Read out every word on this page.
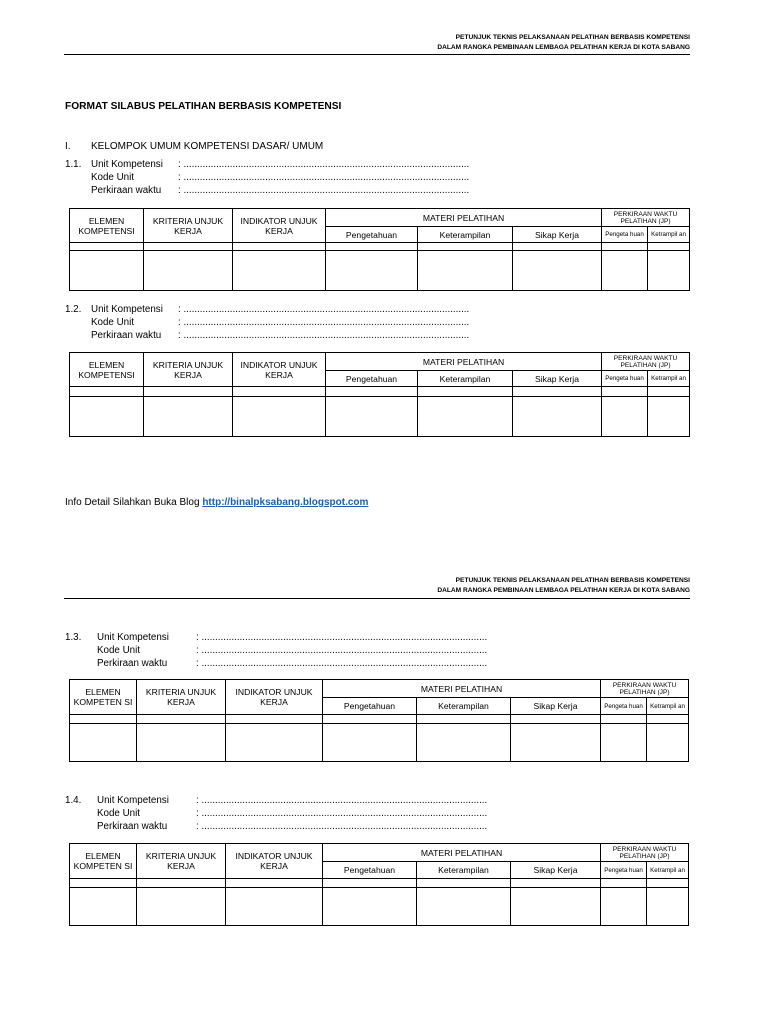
PETUNJUK TEKNIS PELAKSANAAN PELATIHAN BERBASIS KOMPETENSI
DALAM RANGKA PEMBINAAN LEMBAGA PELATIHAN KERJA DI KOTA SABANG
FORMAT SILABUS PELATIHAN BERBASIS KOMPETENSI
I. KELOMPOK UMUM KOMPETENSI DASAR/ UMUM
1.1. Unit Kompetensi : .........................................................................................................
Kode Unit	: .........................................................................................................
Perkiraan waktu : .........................................................................................................
ELEMEN KOMPETENSI	KRITERIA UNJUK KERJA	INDIKATOR UNJUK KERJA	MATERI PELATIHAN			PERKIRAAN WAKTU PELATIHAN (JP)	
			Pengetahuan	Keterampilan	Sikap Kerja	Pengeta huan	Ketrampil an

1.2. Unit Kompetensi : .........................................................................................................
Kode Unit	: .........................................................................................................
Perkiraan waktu : .........................................................................................................
ELEMEN KOMPETENSI	KRITERIA UNJUK KERJA	INDIKATOR UNJUK KERJA	MATERI PELATIHAN			PERKIRAAN WAKTU PELATIHAN (JP)	
			Pengetahuan	Keterampilan	Sikap Kerja	Pengeta huan	Ketrampil an

Info Detail Silahkan Buka Blog http://binalpksabang.blogspot.com
PETUNJUK TEKNIS PELAKSANAAN PELATIHAN BERBASIS KOMPETENSI
DALAM RANGKA PEMBINAAN LEMBAGA PELATIHAN KERJA DI KOTA SABANG
1.3. Unit Kompetensi	: .........................................................................................................
Kode Unit	: .........................................................................................................
Perkiraan waktu	: .........................................................................................................
ELEMEN KOMPETEN SI	KRITERIA UNJUK KERJA	INDIKATOR UNJUK KERJA	MATERI PELATIHAN			PERKIRAAN WAKTU PELATIHAN (JP)	
			Pengetahuan	Keterampilan	Sikap Kerja	Pengeta huan	Ketrampil an

1.4. Unit Kompetensi	: .........................................................................................................
Kode Unit	: .........................................................................................................
Perkiraan waktu	: .........................................................................................................
ELEMEN KOMPETEN SI	KRITERIA UNJUK KERJA	INDIKATOR UNJUK KERJA	MATERI PELATIHAN			PERKIRAAN WAKTU PELATIHAN (JP)	
			Pengetahuan	Keterampilan	Sikap Kerja	Pengeta huan	Ketrampil an
